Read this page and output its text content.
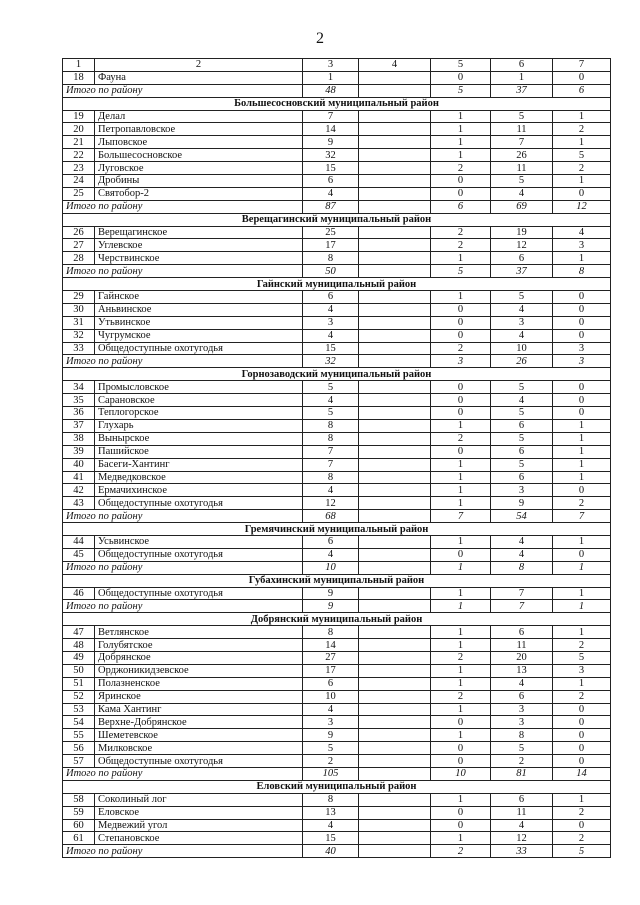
2
1	2	3	4	5	6	7
18	Фауна	1		0	1	0
Итого по району		48		5	37	6
Большесосновский муниципальный район						
19	Делал	7		1	5	1
20	Петропавловское	14		1	11	2
21	Лыповское	9		1	7	1
22	Большесосновское	32		1	26	5
23	Луговское	15		2	11	2
24	Дробины	6		0	5	1
25	Святобор-2	4		0	4	0
Итого по району		87		6	69	12
Верещагинский муниципальный район						
26	Верещагинское	25		2	19	4
27	Углевское	17		2	12	3
28	Черствинское	8		1	6	1
Итого по району		50		5	37	8
Гайнский муниципальный район						
29	Гайнское	6		1	5	0
30	Аньвинское	4		0	4	0
31	Утьвинское	3		0	3	0
32	Чугрумское	4		0	4	0
33	Общедоступные охотугодья	15		2	10	3
Итого по району		32		3	26	3
Горнозаводский муниципальный район						
34	Промысловское	5		0	5	0
35	Сарановское	4		0	4	0
36	Теплогорское	5		0	5	0
37	Глухарь	8		1	6	1
38	Вынырское	8		2	5	1
39	Пашийское	7		0	6	1
40	Басеги-Хантинг	7		1	5	1
41	Медведковское	8		1	6	1
42	Ермачихинское	4		1	3	0
43	Общедоступные охотугодья	12		1	9	2
Итого по району		68		7	54	7
Гремячинский муниципальный район						
44	Усьвинское	6		1	4	1
45	Общедоступные охотугодья	4		0	4	0
Итого по району		10		1	8	1
Губахинский муниципальный район						
46	Общедоступные охотугодья	9		1	7	1
Итого по району		9		1	7	1
Добрянский муниципальный район						
47	Ветлянское	8		1	6	1
48	Голубятское	14		1	11	2
49	Добрянское	27		2	20	5
50	Орджоникидзевское	17		1	13	3
51	Полазненское	6		1	4	1
52	Яринское	10		2	6	2
53	Кама Хантинг	4		1	3	0
54	Верхне-Добрянское	3		0	3	0
55	Шеметевское	9		1	8	0
56	Милковское	5		0	5	0
57	Общедоступные охотугодья	2		0	2	0
Итого по району		105		10	81	14
Еловский муниципальный район						
58	Соколиный лог	8		1	6	1
59	Еловское	13		0	11	2
60	Медвежий угол	4		0	4	0
61	Степановское	15		1	12	2
Итого по району		40		2	33	5
